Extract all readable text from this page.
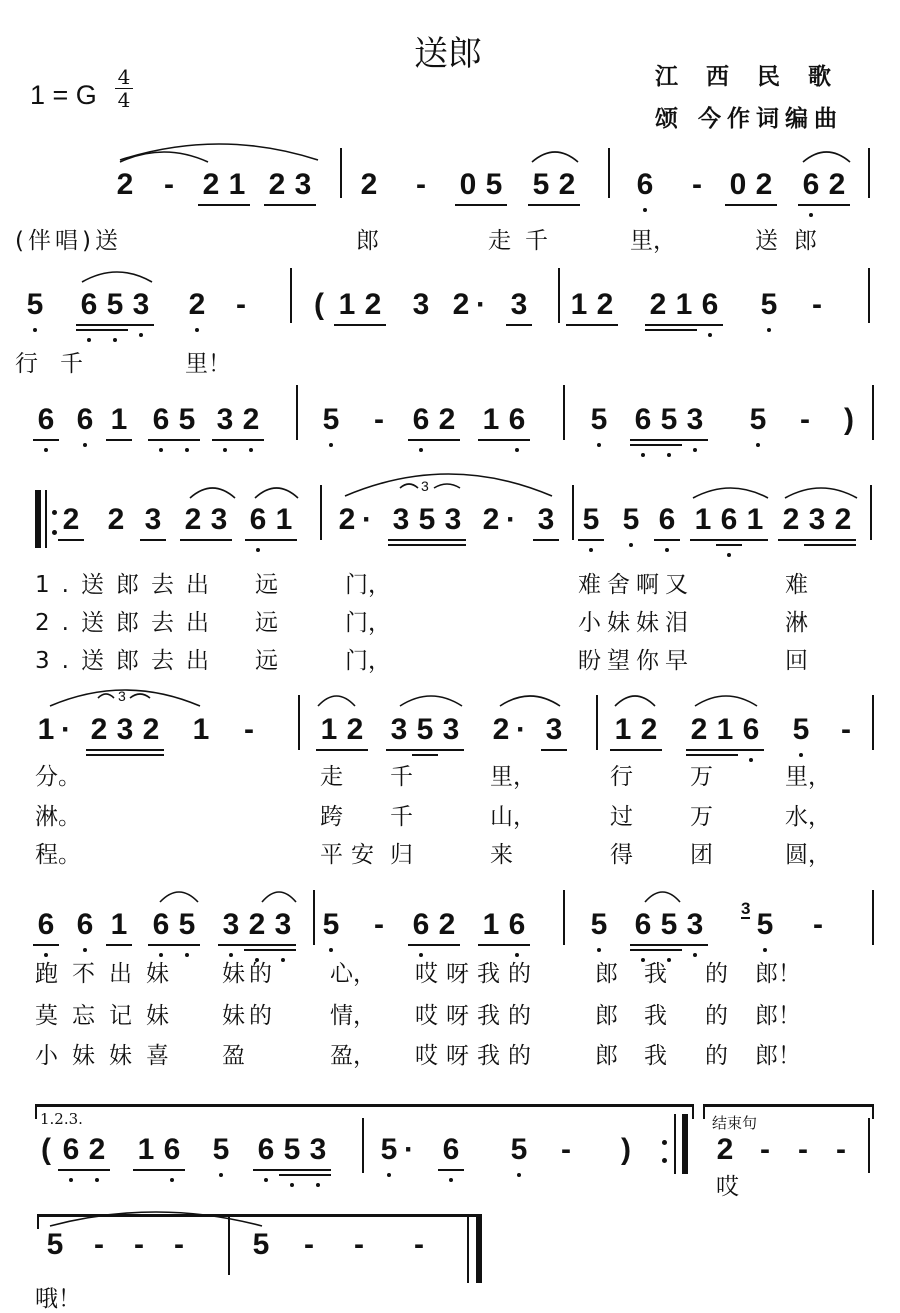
送郎
1 = G
4
4
江西民歌
颂 今作词编曲
1.2.3.	结束句
2 - 2 1 2 3 2 - 0 5 5 2 6 - 0 2 6 2
5 6 5 3 2 - ( 1 2 3 2 · 3 1 2 2 1 6 5 -
6 6 1 6 5 3 2 5 - 6 2 1 6 5 6 5 3 5 - )
2 2 3 2 3 6 1 2 · 3 5 3 2 · 3 5 5 6 1 6 1 2 3 2
1 · 2 3 2 1 - 1 2 3 5 3 2 · 3 1 2 2 1 6 5 -
6 6 1 6 5 3 2 3 5 - 6 2 1 6 5 6 5 3 5 -
( 6 2 1 6 5 6 5 3 5 · 6 5 - )	2 - - -
5 - - - 5 - - -
3
3
3
(伴唱)送	郎	走千	里，	送郎
行千	里！
1.送郎去出 远	门，	难舍啊又	难
2.送郎去出 远	门，	小妹妹泪	淋
3.送郎去出 远	门，	盼望你早	回
分。	走 千	里，	行 万	里，
淋。	跨 千	山，	过 万	水，
程。	平安 归	来	得 团	圆，
跑不出妹 妹的 心， 哎呀我的 郎我 的 郎！
莫忘记妹 妹的 情， 哎呀我的 郎我 的 郎！
小妹妹喜 盈	盈， 哎呀我的 郎我 的 郎！
哎
哦！
